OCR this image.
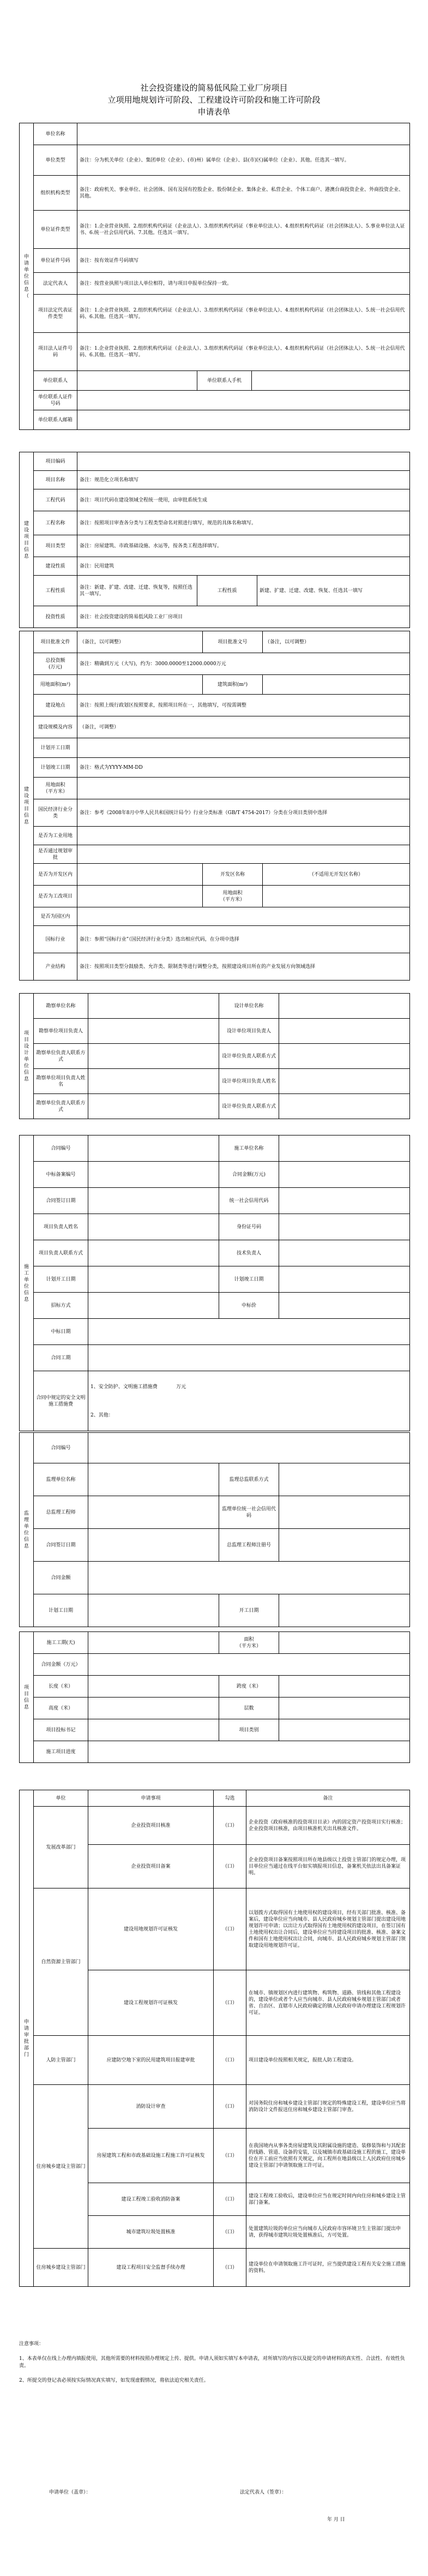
社会投资建设的简易低风险工业厂房项目
立项用地规划许可阶段、工程建设许可阶段和施工许可阶段
申请表单
申请单位信息（	单位名称			
	单位类型	备注：分为机关单位（企业）、集团单位（企业）、(市)州）属单位（企业）、县(市)区)属单位（企业）、其他。任选其一填写。		
	组织机构类型	备注：政府机关、事业单位、社会团体、国有及国有控股企业、股份制企业、集体企业、私营企业、个体工商户、港澳台商投资企业、外商投资企业、其他。		
	单位证件类型	备注：1.企业营业执照、2.组织机构代码证（企业法人）、3.组织机构代码证（事业单位法人）、4.组织机构代码证（社会团体法人）、5.事业单位法人证书、6.统一社会信用代码、7.其他。任选其一填写。		
	单位证件号码	备注：按有效证件号码填写		
	法定代表人	备注：按营业执照与项目法人单位相符，请与项目申报单位保持一致。		
	项目法定代表证件类型	备注：1.企业营业执照、2.组织机构代码证（企业法人）、3.组织机构代码证（事业单位法人）、4.组织机构代码证（社会团体法人）、5.统一社会信用代码、6.其他。任选其一填写。		
	项目法人证件号码	备注：1.企业营业执照、2.组织机构代码证（企业法人）、3.组织机构代码证（事业单位法人）、4.组织机构代码证（社会团体法人）、5.统一社会信用代码、6.其他。任选其一填写。		
	单位联系人		单位联系人手机	
	单位联系人证件号码			
	单位联系人邮箱			
建设项目信息	项目编码			
	项目名称	备注：规范化立项名称填写		
	工程代码	备注：项目代码在建设领域全程统一使用，由审批系统生成		
	工程名称	备注：按照项目审查各分类与工程类型命名对照进行填写，规范的具体名称填写。		
	项目类型	备注：房屋建筑、市政基础设施、水运等，按各类工程选择填写。		
	建设性质	备注：民用建筑		
	工程性质	备注：新建、扩建、改建、迁建、恢复等，按照任选其一填写。	工程性质	新建、扩建、迁建、改建、恢复、任选其一填写
	投资性质	备注：社会投资建设的简易低风险工业厂房项目		
建设项目信息	项目批准文件	（备注，以可调整）	项目批准文号	（备注，以可调整）
	总投资额
(万元)	备注：精确到万元（大写)，约为：3000.0000至12000.0000万元		
	用地面积(m²)		建筑面积(m²)	
	建设地点	备注：按照上级行政划区按照要求，按照项目所在一，其他填写，可按需调整		
	建设规模及内容	（备注，可调整）		
	计划开工日期			
	计划竣工日期	备注：格式为YYYY-MM-DD		
	用地面积
（平方米）			
	国民经济行业分类	备注：参考《2008年8月中华人民共和国统计局令》行业分类标准（GB/T 4754-2017）分类在分项目类别中选择		
	是否为工业用地			
	是否通过规划审批			
	是否为开发区内		开发区名称	（不适用无开发区名称）
	是否为工改项目		用地面积
（平方米）	
	是否为园区内			
	国标行业	备注：参照“国标行业”（国民经济行业分类）选出相应代码，在分项中选择		
	产业结构	备注：按照项目类型分鼓励类、允许类、限制类等进行调整分类，按照建设项目所在的产业发展方向领域选择		
项目设计单位信息	勘察单位名称		设计单位名称	
	勘察单位项目负责人		设计单位项目负责人	
	勘察单位负责人联系方式		设计单位负责人联系方式	
	勘察单位项目负责人姓名		设计单位项目负责人姓名	
	勘察单位负责人联系方式		设计单位负责人联系方式	
施工单位信息	合同编号		施工单位名称	
	中标备案编号		合同金额(万元)	
	合同签订日期		统一社会信用代码	
	项目负责人姓名		身份证号码	
	项目负责人联系方式		技术负责人	
	计划开工日期		计划竣工日期	
	招标方式		中标价	
	中标日期			
	合同工期			
	合同中规定的安全文明施工措施费	1、安全防护、文明施工措施费 万元
2、其他：		
监理单位信息	合同编号			
	监理单位名称		监理总监联系方式	
	总监理工程师		监理单位统一社会信用代码	
	合同签订日期		总监理工程师注册号	
	合同金额			
	计划工日期		开工日期	
项目信息	施工工期(天)		面积
（平方米）	
	合同金额（万元）			
	长度（米）		跨度（米）	
	高度（米）		层数	
	项目投标书记		项目类别	
	施工项目进度			
申请审批部门	单位	申请事项	勾选	备注
	发展改革部门	企业投资项目核准	（口）	企业投资《政府核准的投资项目目录》内的固定资产投资项目实行核准；企业投资项目核准，由项目核准机关出具核准文件。
		企业投资项目备案	（口）	企业投资项目备案按照项目所在地县级以上投资主管部门的规定办理，项目单位应当通过在线平台如实填报项目信息，备案机关依法出具备案证明。
	自然资源主管部门	建设用地规划许可证核发	（口）	以划拨方式取得国有土地使用权的建设项目，经有关部门批准、核准、备案后，建设单位应当向城市、县人民政府城乡规划主管部门提出建设用地规划许可申请；以出让方式取得国有土地使用权的建设项目，在签订国有土地使用权出让合同后，建设单位应当持建设项目的批准、核准、备案文件和国有土地使用权出让合同，向城市、县人民政府城乡规划主管部门领取建设用地规划许可证。
		建设工程规划许可证核发	（口）	在城市、镇规划区内进行建筑物、构筑物、道路、管线和其他工程建设的，建设单位或者个人应当向城市、县人民政府城乡规划主管部门或者省、自治区、直辖市人民政府确定的镇人民政府申请办理建设工程规划许可证。
	人防主管部门	应建防空地下室的民用建筑项目报建审批	（口）	项目建设单位按照相关规定，报批人防工程建设。
	住房城乡建设主管部门	消防设计审查	（口）	对国务院住房和城乡建设主管部门规定的特殊建设工程，建设单位应当将消防设计文件报送住房和城乡建设主管部门审查。
		房屋建筑工程和市政基础设施工程施工许可证核发	（口）	在我国境内从事各类房屋建筑及其附属设施的建造、装修装饰和与其配套的线路、管道、设备的安装，以及城镇市政基础设施工程的施工，建设单位在开工前应当依照有关规定，向工程所在地县级以上人民政府住房城乡建设主管部门申请领取施工许可证。
		建设工程竣工验收消防备案	（口）	建设工程竣工验收后，建设单位应当在规定时间内向住房和城乡建设主管部门备案。
		城市建筑垃圾处置核准	（口）	处置建筑垃圾的单位应当向城市人民政府市容环境卫生主管部门提出申请，获得城市建筑垃圾处置核准后，方可处置。
	住房城乡建设主管部门	建设工程项目安全监督手续办理	（口）	建设单位在申请领取施工许可证时，应当提供建设工程有关安全施工措施的资料。
注意事项：
1、本表单仅在线上办理内填报使用，其他所需要的材料按照办理规定上传、提供。申请人须如实填写本申请表，对所填写的内容以及提交的申请材料的真实性、合法性、有效性负责。
2、所提交的登记表必须按实际情况真实填写，如发现虚假情况，将依法追究相关责任。
申请单位（盖章）：	法定代表人（签章）：
年 月 日
